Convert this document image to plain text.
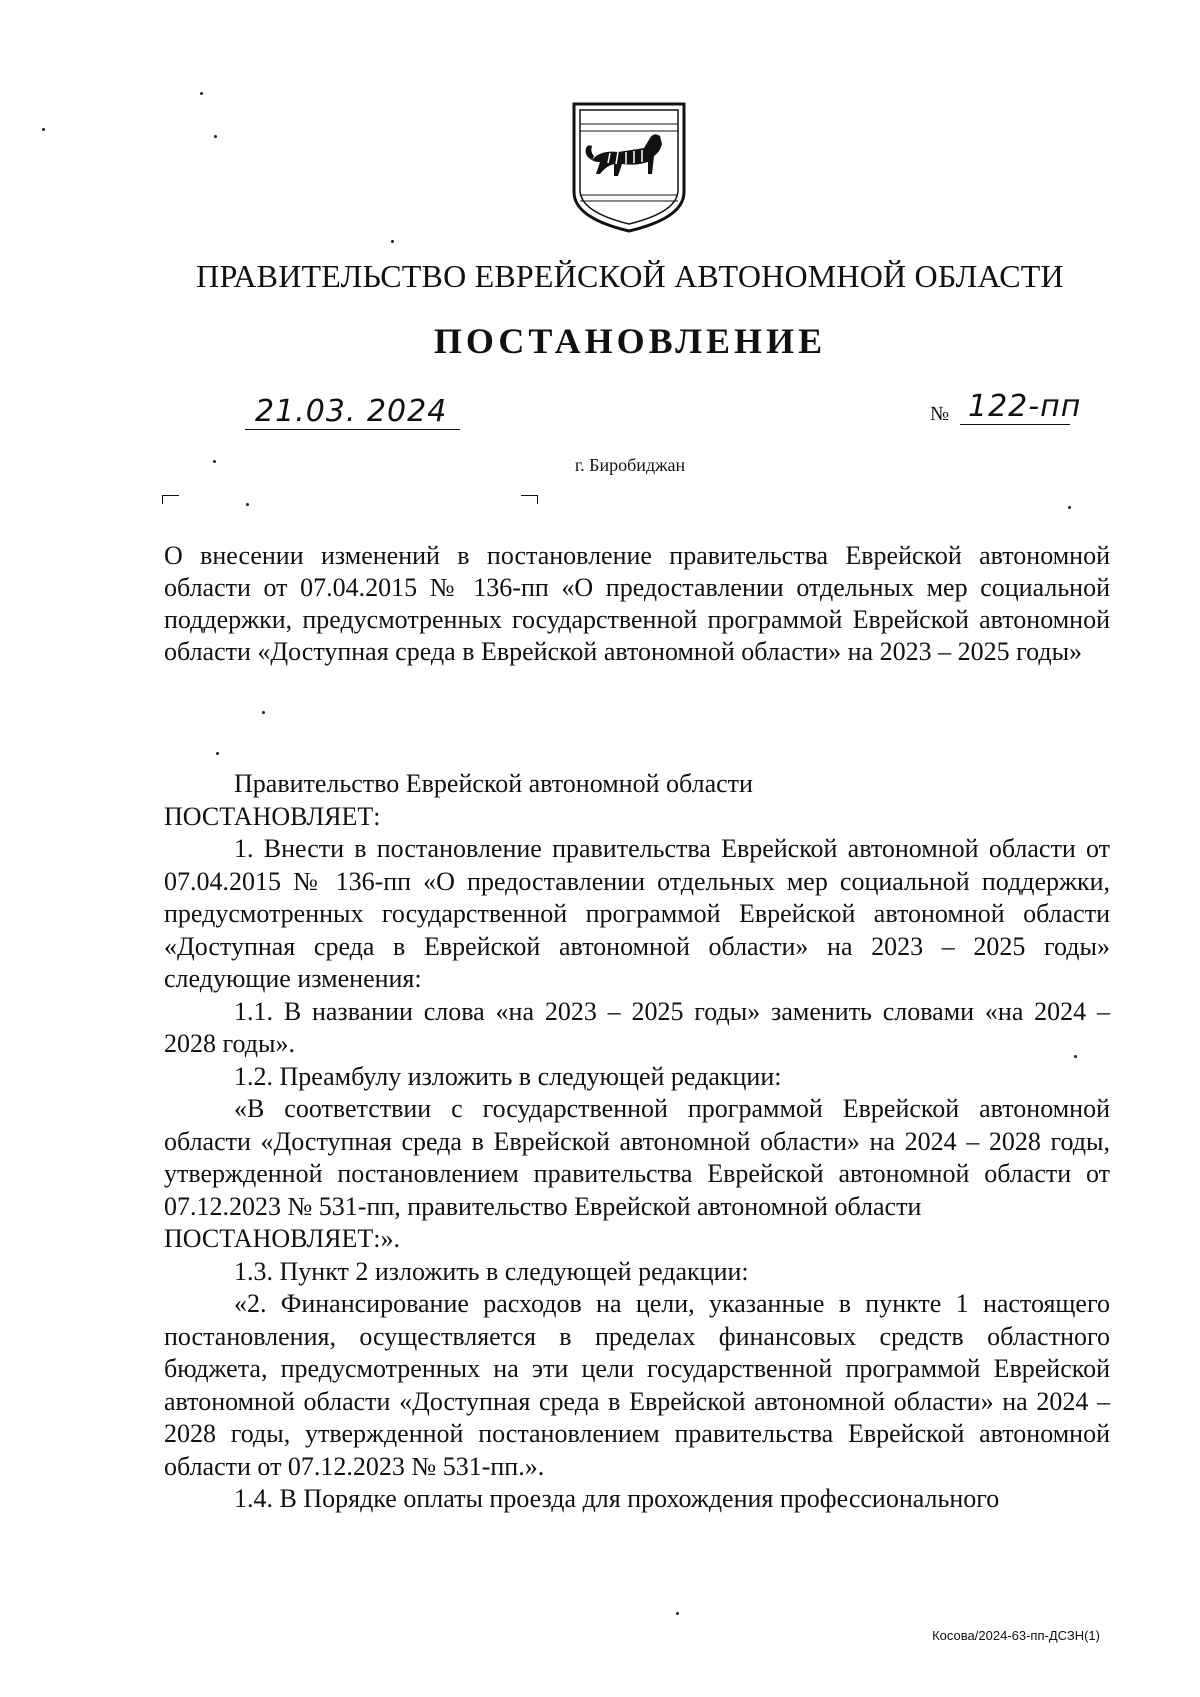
ПРАВИТЕЛЬСТВО ЕВРЕЙСКОЙ АВТОНОМНОЙ ОБЛАСТИ
ПОСТАНОВЛЕНИЕ
21.03. 2024	№ 122-пп
г. Биробиджан
О внесении изменений в постановление правительства Еврейской автономной области от 07.04.2015 № 136-пп «О предоставлении отдельных мер социальной поддержки, предусмотренных государственной программой Еврейской автономной области «Доступная среда в Еврейской автономной области» на 2023 – 2025 годы»

Правительство Еврейской автономной области

ПОСТАНОВЛЯЕТ:

1. Внести в постановление правительства Еврейской автономной области от 07.04.2015 № 136-пп «О предоставлении отдельных мер социальной поддержки, предусмотренных государственной программой Еврейской автономной области «Доступная среда в Еврейской автономной области» на 2023 – 2025 годы» следующие изменения:

1.1. В названии слова «на 2023 – 2025 годы» заменить словами «на 2024 – 2028 годы».

1.2. Преамбулу изложить в следующей редакции:

«В соответствии с государственной программой Еврейской автономной области «Доступная среда в Еврейской автономной области» на 2024 – 2028 годы, утвержденной постановлением правительства Еврейской автономной области от 07.12.2023 № 531-пп, правительство Еврейской автономной области

ПОСТАНОВЛЯЕТ:».

1.3. Пункт 2 изложить в следующей редакции:

«2. Финансирование расходов на цели, указанные в пункте 1 настоящего постановления, осуществляется в пределах финансовых средств областного бюджета, предусмотренных на эти цели государственной программой Еврейской автономной области «Доступная среда в Еврейской автономной области» на 2024 – 2028 годы, утвержденной постановлением правительства Еврейской автономной области от 07.12.2023 № 531-пп.».

1.4. В Порядке оплаты проезда для прохождения профессионального

Косова/2024-63-пп-ДСЗН(1)
